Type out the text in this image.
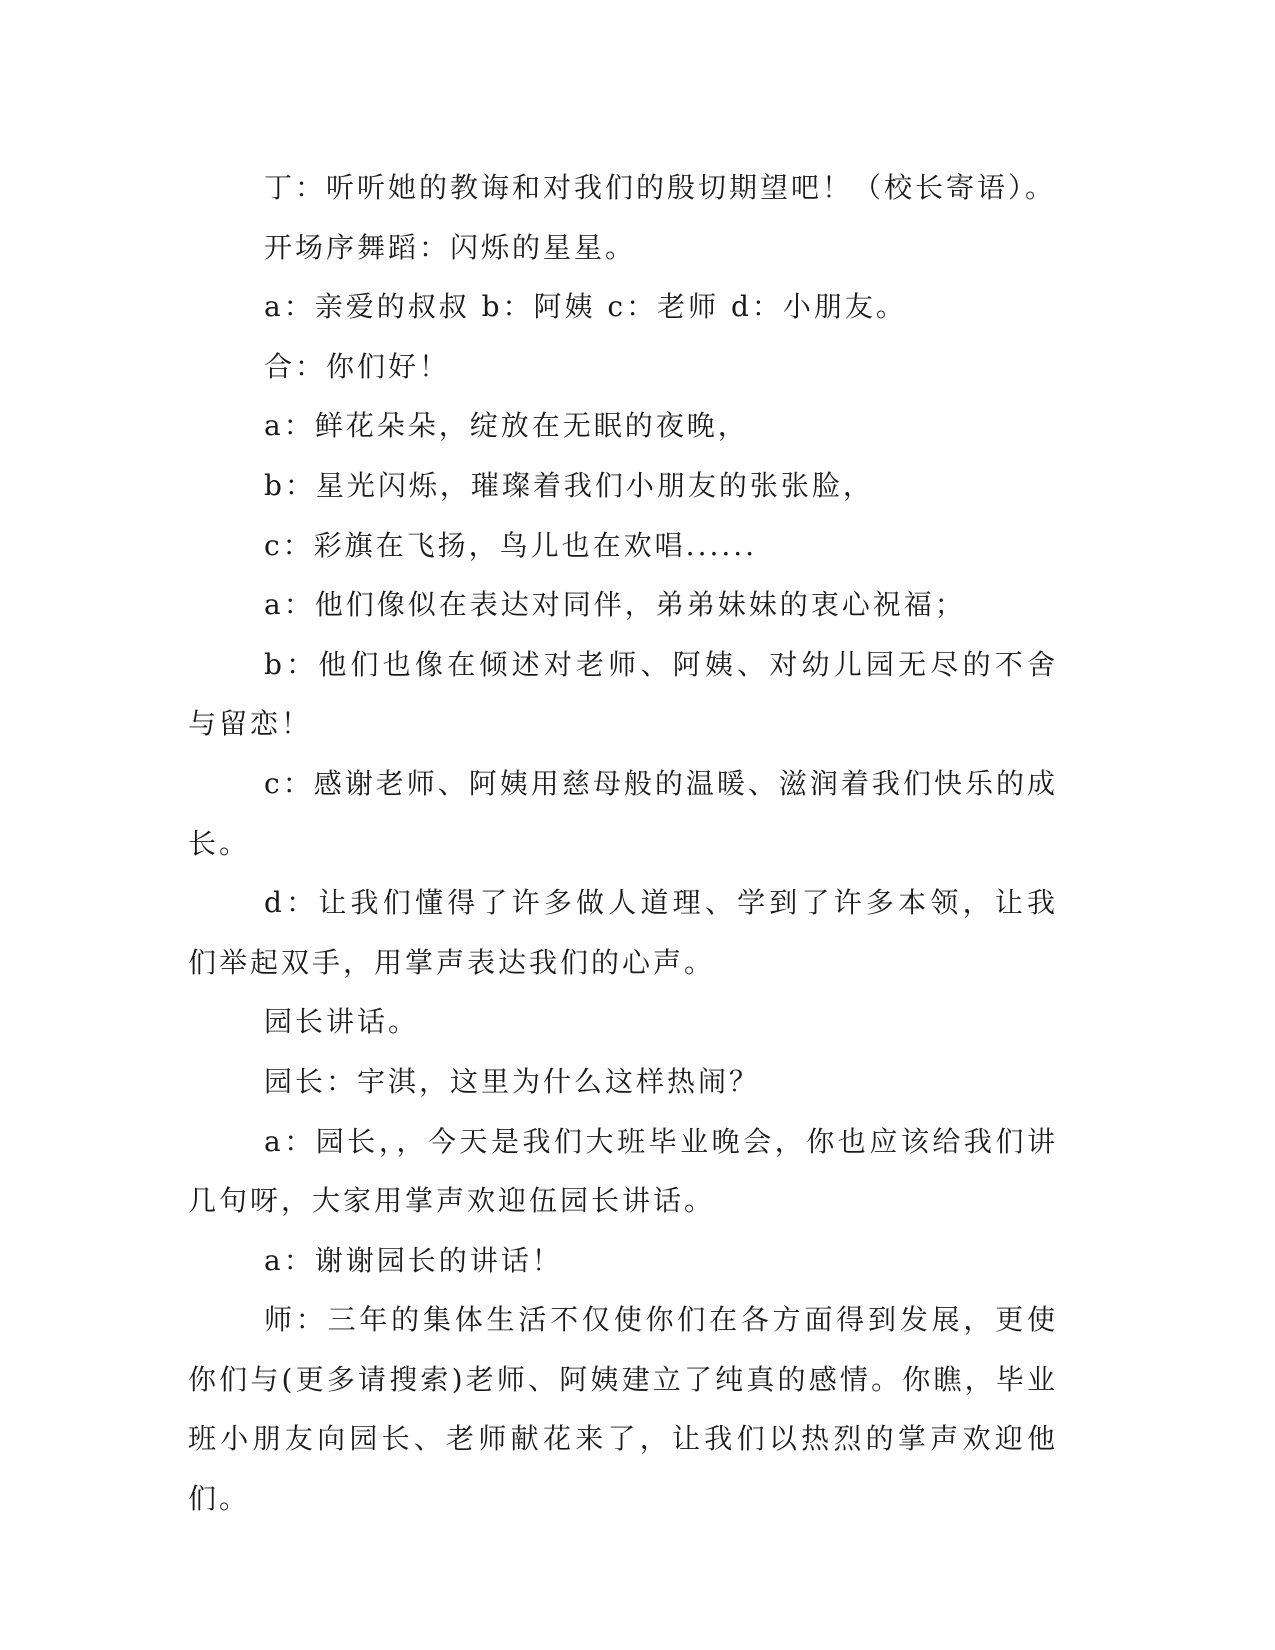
丁：听听她的教诲和对我们的殷切期望吧！（校长寄语）。

开场序舞蹈：闪烁的星星。

a：亲爱的叔叔 b：阿姨 c：老师 d：小朋友。

合：你们好！

a：鲜花朵朵，绽放在无眠的夜晚，

b：星光闪烁，璀璨着我们小朋友的张张脸，

c：彩旗在飞扬，鸟儿也在欢唱......

a：他们像似在表达对同伴，弟弟妹妹的衷心祝福；

b：他们也像在倾述对老师、阿姨、对幼儿园无尽的不舍与留恋！

c：感谢老师、阿姨用慈母般的温暖、滋润着我们快乐的成长。

d：让我们懂得了许多做人道理、学到了许多本领，让我们举起双手，用掌声表达我们的心声。

园长讲话。

园长：宇淇，这里为什么这样热闹？

a：园长，，今天是我们大班毕业晚会，你也应该给我们讲几句呀，大家用掌声欢迎伍园长讲话。

a：谢谢园长的讲话！

师：三年的集体生活不仅使你们在各方面得到发展，更使你们与(更多请搜索)老师、阿姨建立了纯真的感情。你瞧，毕业班小朋友向园长、老师献花来了，让我们以热烈的掌声欢迎他们。
